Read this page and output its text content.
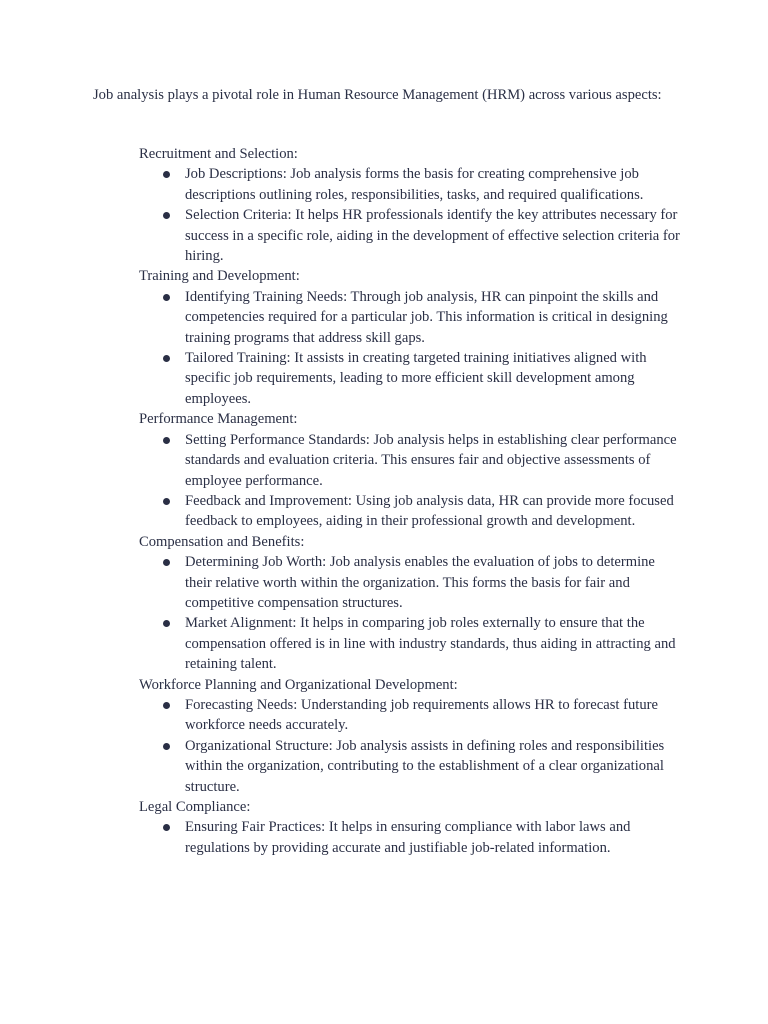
Job analysis plays a pivotal role in Human Resource Management (HRM) across various aspects:

Recruitment and Selection:
Job Descriptions: Job analysis forms the basis for creating comprehensive job descriptions outlining roles, responsibilities, tasks, and required qualifications.
Selection Criteria: It helps HR professionals identify the key attributes necessary for success in a specific role, aiding in the development of effective selection criteria for hiring.
Training and Development:
Identifying Training Needs: Through job analysis, HR can pinpoint the skills and competencies required for a particular job. This information is critical in designing training programs that address skill gaps.
Tailored Training: It assists in creating targeted training initiatives aligned with specific job requirements, leading to more efficient skill development among employees.
Performance Management:
Setting Performance Standards: Job analysis helps in establishing clear performance standards and evaluation criteria. This ensures fair and objective assessments of employee performance.
Feedback and Improvement: Using job analysis data, HR can provide more focused feedback to employees, aiding in their professional growth and development.
Compensation and Benefits:
Determining Job Worth: Job analysis enables the evaluation of jobs to determine their relative worth within the organization. This forms the basis for fair and competitive compensation structures.
Market Alignment: It helps in comparing job roles externally to ensure that the compensation offered is in line with industry standards, thus aiding in attracting and retaining talent.
Workforce Planning and Organizational Development:
Forecasting Needs: Understanding job requirements allows HR to forecast future workforce needs accurately.
Organizational Structure: Job analysis assists in defining roles and responsibilities within the organization, contributing to the establishment of a clear organizational structure.
Legal Compliance:
Ensuring Fair Practices: It helps in ensuring compliance with labor laws and regulations by providing accurate and justifiable job-related information.
